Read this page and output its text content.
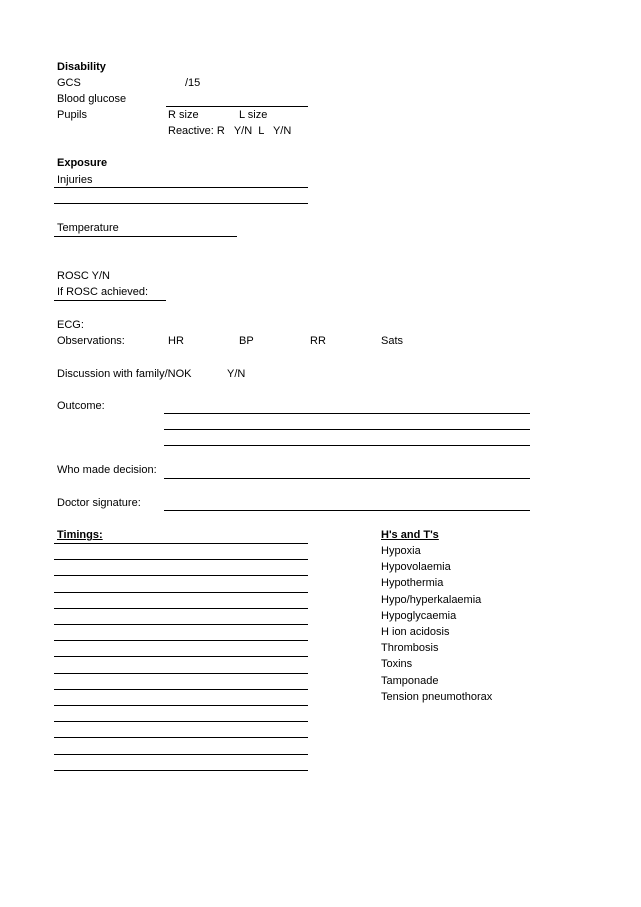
Disability
GCS	/15
Blood glucose
Pupils	R size	L size
Reactive: R   Y/N  L   Y/N
Exposure
Injuries
Temperature
ROSC Y/N
If ROSC achieved:
ECG:
Observations:	HR	BP	RR	Sats
Discussion with family/NOK	Y/N
Outcome:
Who made decision:
Doctor signature:
Timings:	H's and T's
Hypoxia
Hypovolaemia
Hypothermia
Hypo/hyperkalaemia
Hypoglycaemia
H ion acidosis
Thrombosis
Toxins
Tamponade
Tension pneumothorax
